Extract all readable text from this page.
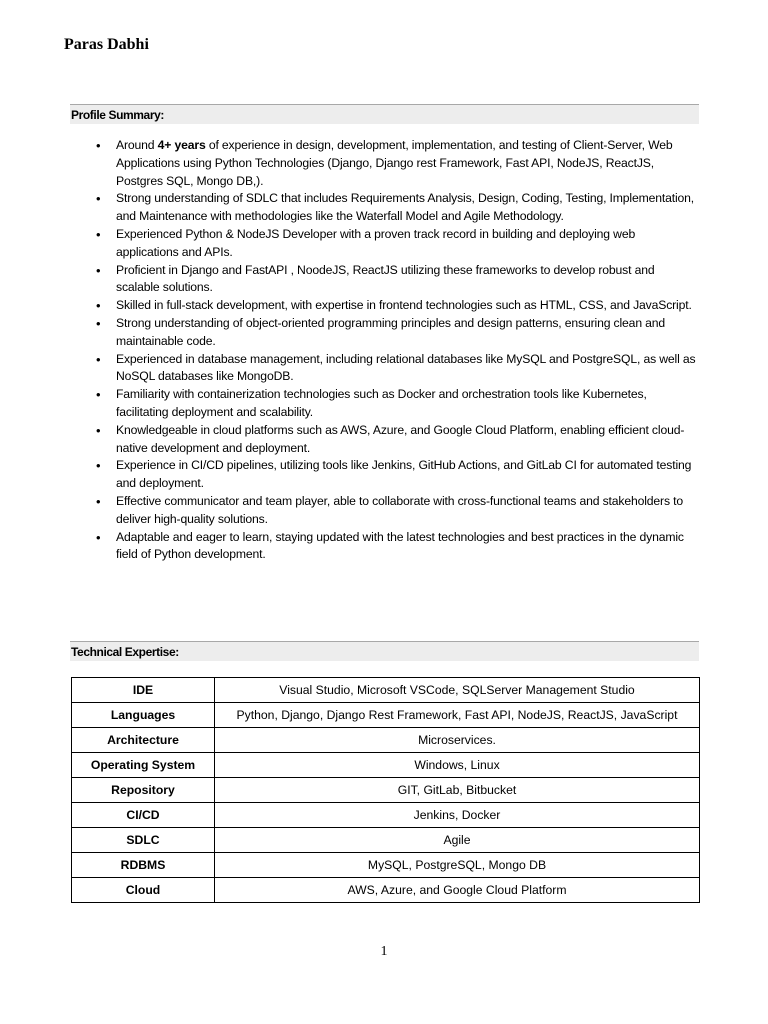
Paras Dabhi
Profile Summary:
• Around 4+ years of experience in design, development, implementation, and testing of Client-Server, Web Applications using Python Technologies (Django, Django rest Framework, Fast API, NodeJS, ReactJS, Postgres SQL, Mongo DB,).
• Strong understanding of SDLC that includes Requirements Analysis, Design, Coding, Testing, Implementation, and Maintenance with methodologies like the Waterfall Model and Agile Methodology.
• Experienced Python & NodeJS Developer with a proven track record in building and deploying web applications and APIs.
• Proficient in Django and FastAPI , NoodeJS, ReactJS utilizing these frameworks to develop robust and scalable solutions.
• Skilled in full-stack development, with expertise in frontend technologies such as HTML, CSS, and JavaScript.
• Strong understanding of object-oriented programming principles and design patterns, ensuring clean and maintainable code.
• Experienced in database management, including relational databases like MySQL and PostgreSQL, as well as NoSQL databases like MongoDB.
• Familiarity with containerization technologies such as Docker and orchestration tools like Kubernetes, facilitating deployment and scalability.
• Knowledgeable in cloud platforms such as AWS, Azure, and Google Cloud Platform, enabling efficient cloud-native development and deployment.
• Experience in CI/CD pipelines, utilizing tools like Jenkins, GitHub Actions, and GitLab CI for automated testing and deployment.
• Effective communicator and team player, able to collaborate with cross-functional teams and stakeholders to deliver high-quality solutions.
• Adaptable and eager to learn, staying updated with the latest technologies and best practices in the dynamic field of Python development.
Technical Expertise:
IDE	Visual Studio, Microsoft VSCode, SQLServer Management Studio
Languages	Python, Django, Django Rest Framework, Fast API, NodeJS, ReactJS, JavaScript
Architecture	Microservices.
Operating System	Windows, Linux
Repository	GIT, GitLab, Bitbucket
CI/CD	Jenkins, Docker
SDLC	Agile
RDBMS	MySQL, PostgreSQL, Mongo DB
Cloud	AWS, Azure, and Google Cloud Platform
1
